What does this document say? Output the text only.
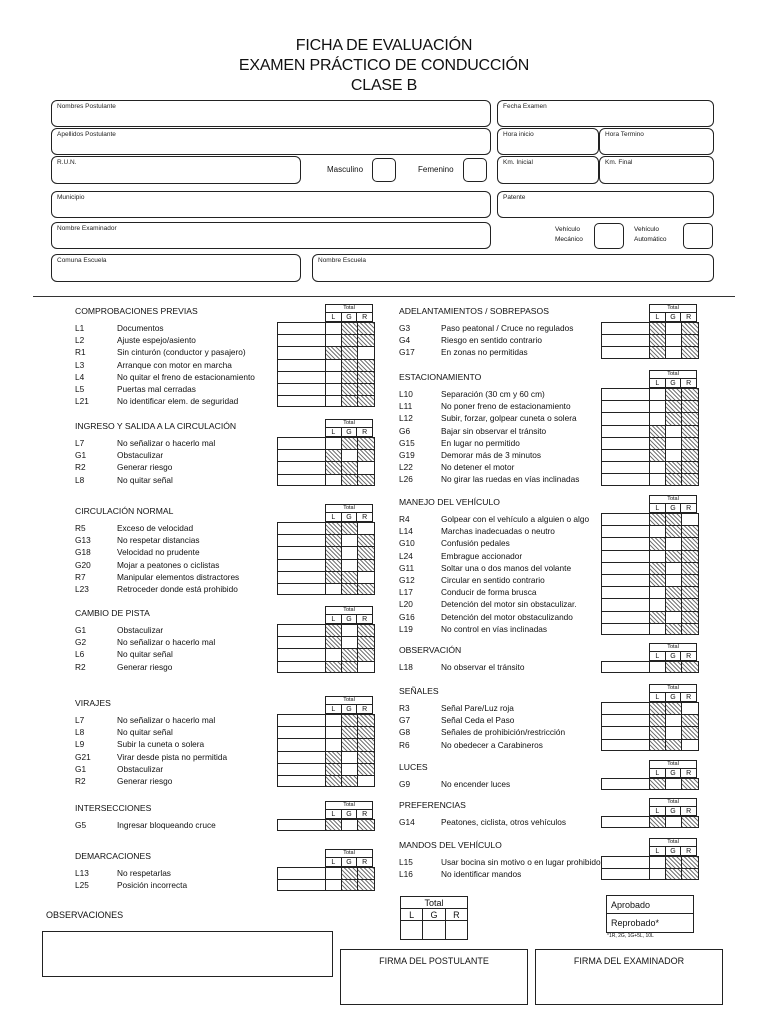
FICHA DE EVALUACIÓN
EXAMEN PRÁCTICO DE CONDUCCIÓN
CLASE B
Nombres Postulante	Fecha Examen
Apellidos Postulante	Hora inicio	Hora Termino
R.U.N.
Masculino	Femenino
Km. Inicial	Km. Final
Municipio	Patente
Nombre Examinador	Vehículo
Mecánico
Vehículo
Automático
Comuna Escuela	Nombre Escuela
COMPROBACIONES PREVIAS	Total
L	G	R
L1	Documentos
L2	Ajuste espejo/asiento
R1	Sin cinturón (conductor y pasajero)
L3	Arranque con motor en marcha
L4	No quitar el freno de estacionamiento
L5	Puertas mal cerradas
L21	No identificar elem. de seguridad
INGRESO Y SALIDA A LA CIRCULACIÓN	Total
L	G	R
L7	No señalizar o hacerlo mal
G1	Obstaculizar
R2	Generar riesgo
L8	No quitar señal
CIRCULACIÓN NORMAL	Total
L	G	R
R5	Exceso de velocidad
G13	No respetar distancias
G18	Velocidad no prudente
G20	Mojar a peatones o ciclistas
R7	Manipular elementos distractores
L23	Retroceder donde está prohibido
CAMBIO DE PISTA	Total
L	G	R
G1	Obstaculizar
G2	No señalizar o hacerlo mal
L6	No quitar señal
R2	Generar riesgo
VIRAJES	Total
L	G	R
L7	No señalizar o hacerlo mal
L8	No quitar señal
L9	Subir la cuneta o solera
G21	Virar desde pista no permitida
G1	Obstaculizar
R2	Generar riesgo
INTERSECCIONES	Total
L	G	R
G5	Ingresar bloqueando cruce
DEMARCACIONES	Total
L	G	R
L13	No respetarlas
L25	Posición incorrecta
ADELANTAMIENTOS / SOBREPASOS	Total
L	G	R
G3	Paso peatonal / Cruce no regulados
G4	Riesgo en sentido contrario
G17	En zonas no permitidas
ESTACIONAMIENTO	Total
L	G	R
L10	Separación (30 cm y 60 cm)
L11	No poner freno de estacionamiento
L12	Subir, forzar, golpear cuneta o solera
G6	Bajar sin observar el tránsito
G15	En lugar no permitido
G19	Demorar más de 3 minutos
L22	No detener el motor
L26	No girar las ruedas en vías inclinadas
MANEJO DEL VEHÍCULO	Total
L	G	R
R4	Golpear con el vehículo a alguien o algo
L14	Marchas inadecuadas o neutro
G10	Confusión pedales
L24	Embrague accionador
G11	Soltar una o dos manos del volante
G12	Circular en sentido contrario
L17	Conducir de forma brusca
L20	Detención del motor sin obstaculizar.
G16	Detención del motor obstaculizando
L19	No control en vías inclinadas
OBSERVACIÓN	Total
L	G	R
L18	No observar el tránsito
SEÑALES	Total
L	G	R
R3	Señal Pare/Luz roja
G7	Señal Ceda el Paso
G8	Señales de prohibición/restricción
R6	No obedecer a Carabineros
LUCES	Total
L	G	R
G9	No encender luces
PREFERENCIAS	Total
L	G	R
G14	Peatones, ciclista, otros vehículos
MANDOS DEL VEHÍCULO	Total
L	G	R
L15	Usar bocina sin motivo o en lugar prohibido
L16	No identificar mandos
OBSERVACIONES
Total
L	G	R
Aprobado
Reprobado*
*1R, 2G, 1G+5L, 10L
FIRMA DEL POSTULANTE	FIRMA DEL EXAMINADOR
